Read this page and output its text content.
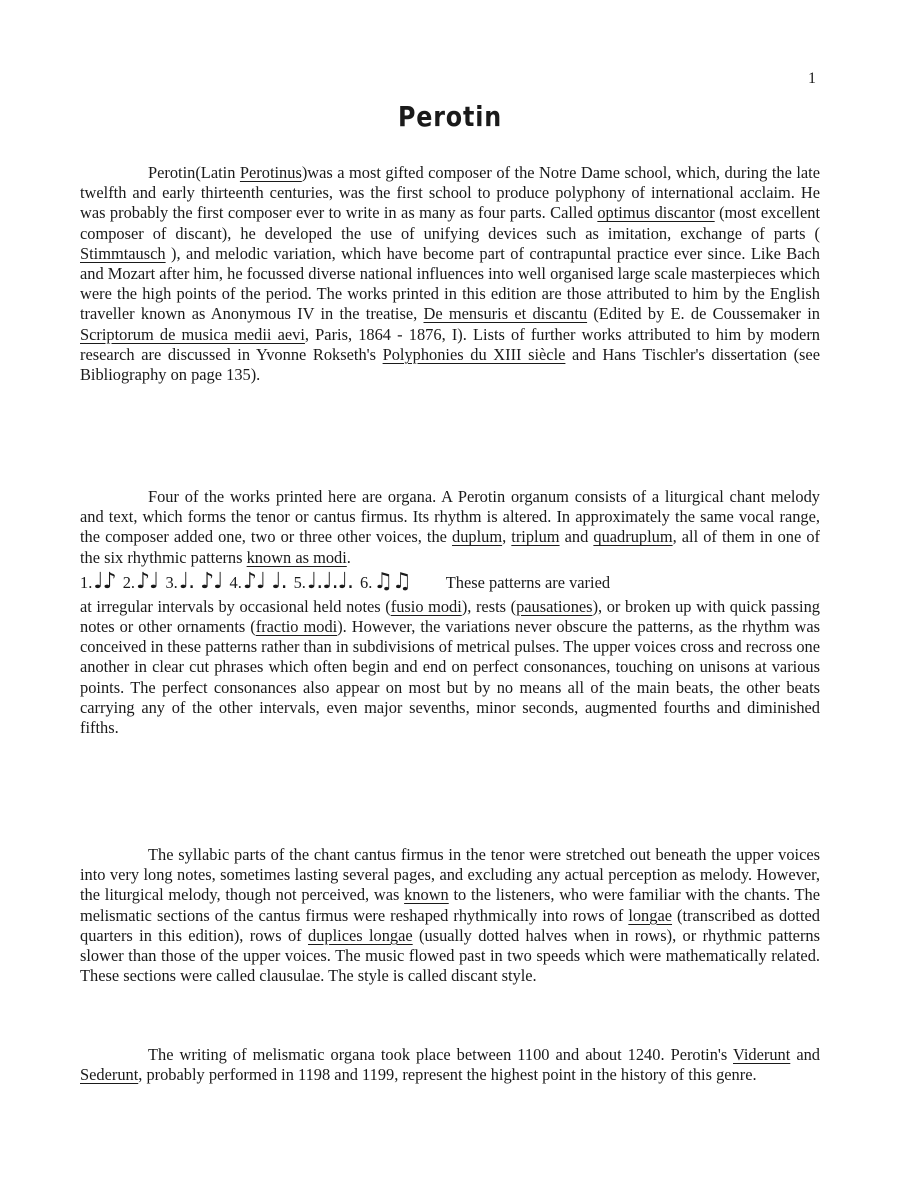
1
Perotin

Perotin(Latin Perotinus)was a most gifted composer of the Notre Dame school, which, during the late twelfth and early thirteenth centuries, was the first school to produce polyphony of international acclaim. He was probably the first composer ever to write in as many as four parts. Called optimus discantor (most excellent composer of discant), he developed the use of unifying devices such as imitation, exchange of parts ( Stimmtausch ), and melodic variation, which have become part of contrapuntal practice ever since. Like Bach and Mozart after him, he focussed diverse national influences into well organised large scale masterpieces which were the high points of the period. The works printed in this edition are those attributed to him by the English traveller known as Anonymous IV in the treatise, De mensuris et discantu (Edited by E. de Coussemaker in Scriptorum de musica medii aevi, Paris, 1864 - 1876, I). Lists of further works attributed to him by modern research are discussed in Yvonne Rokseth's Polyphonies du XIII siècle and Hans Tischler's dissertation (see Bibliography on page 135).

Four of the works printed here are organa. A Perotin organum consists of a liturgical chant melody and text, which forms the tenor or cantus firmus. Its rhythm is altered. In approximately the same vocal range, the composer added one, two or three other voices, the duplum, triplum and quadruplum, all of them in one of the six rhythmic patterns known as modi.

1. ♩♪ 2. ♪♩ 3. ♩. ♪♩ 4. ♪♩ ♩. 5. ♩.♩.♩. 6. ♫♫ These patterns are varied

at irregular intervals by occasional held notes (fusio modi), rests (pausationes), or broken up with quick passing notes or other ornaments (fractio modi). However, the variations never obscure the patterns, as the rhythm was conceived in these patterns rather than in subdivisions of metrical pulses. The upper voices cross and recross one another in clear cut phrases which often begin and end on perfect consonances, touching on unisons at various points. The perfect consonances also appear on most but by no means all of the main beats, the other beats carrying any of the other intervals, even major sevenths, minor seconds, augmented fourths and diminished fifths.

The syllabic parts of the chant cantus firmus in the tenor were stretched out beneath the upper voices into very long notes, sometimes lasting several pages, and excluding any actual perception as melody. However, the liturgical melody, though not perceived, was known to the listeners, who were familiar with the chants. The melismatic sections of the cantus firmus were reshaped rhythmically into rows of longae (transcribed as dotted quarters in this edition), rows of duplices longae (usually dotted halves when in rows), or rhythmic patterns slower than those of the upper voices. The music flowed past in two speeds which were mathematically related. These sections were called clausulae. The style is called discant style.

The writing of melismatic organa took place between 1100 and about 1240. Perotin's Viderunt and Sederunt, probably performed in 1198 and 1199, represent the highest point in the history of this genre.
